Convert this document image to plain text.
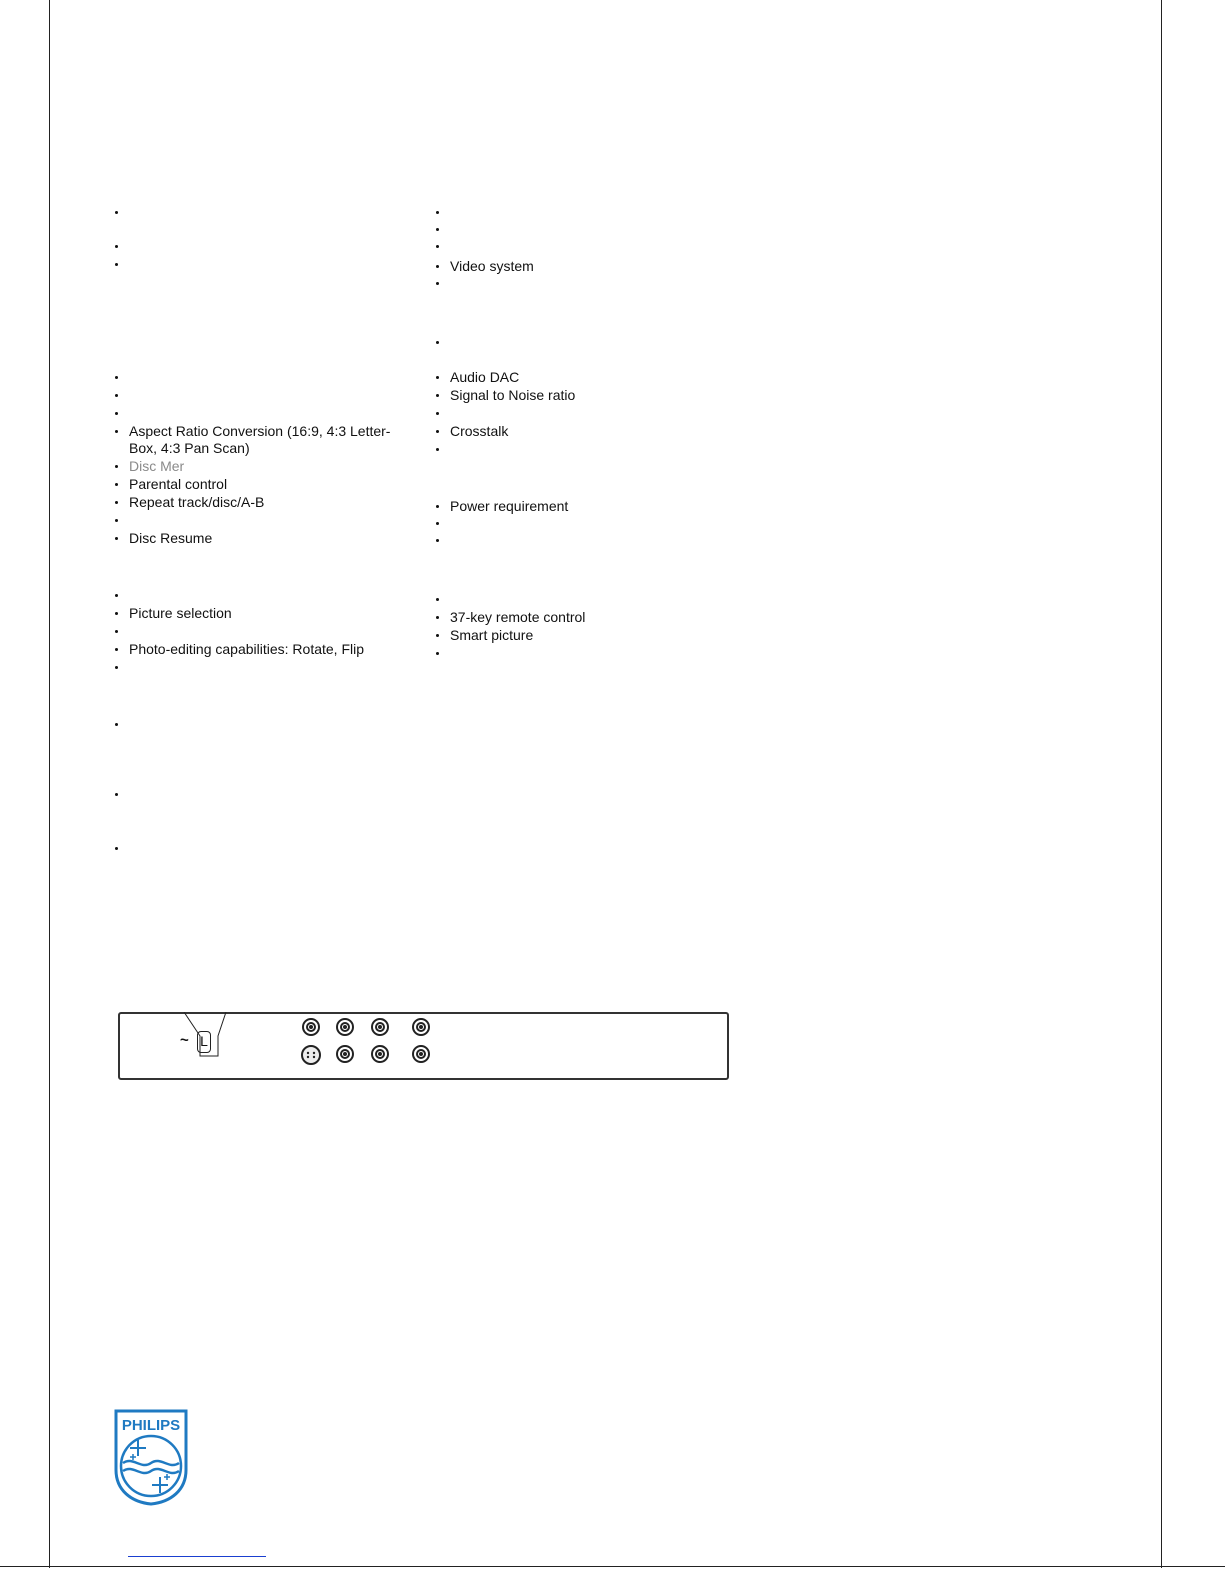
Aspect Ratio Conversion (16:9, 4:3 Letter-
Box, 4:3 Pan Scan)
Disc Mer
Parental control
Repeat track/disc/A-B
Disc Resume
Picture selection
Photo-editing capabilities: Rotate, Flip
Video system
Audio DAC
Signal to Noise ratio
Crosstalk
Power requirement
37-key remote control
Smart picture
~ L
PHILIPS
